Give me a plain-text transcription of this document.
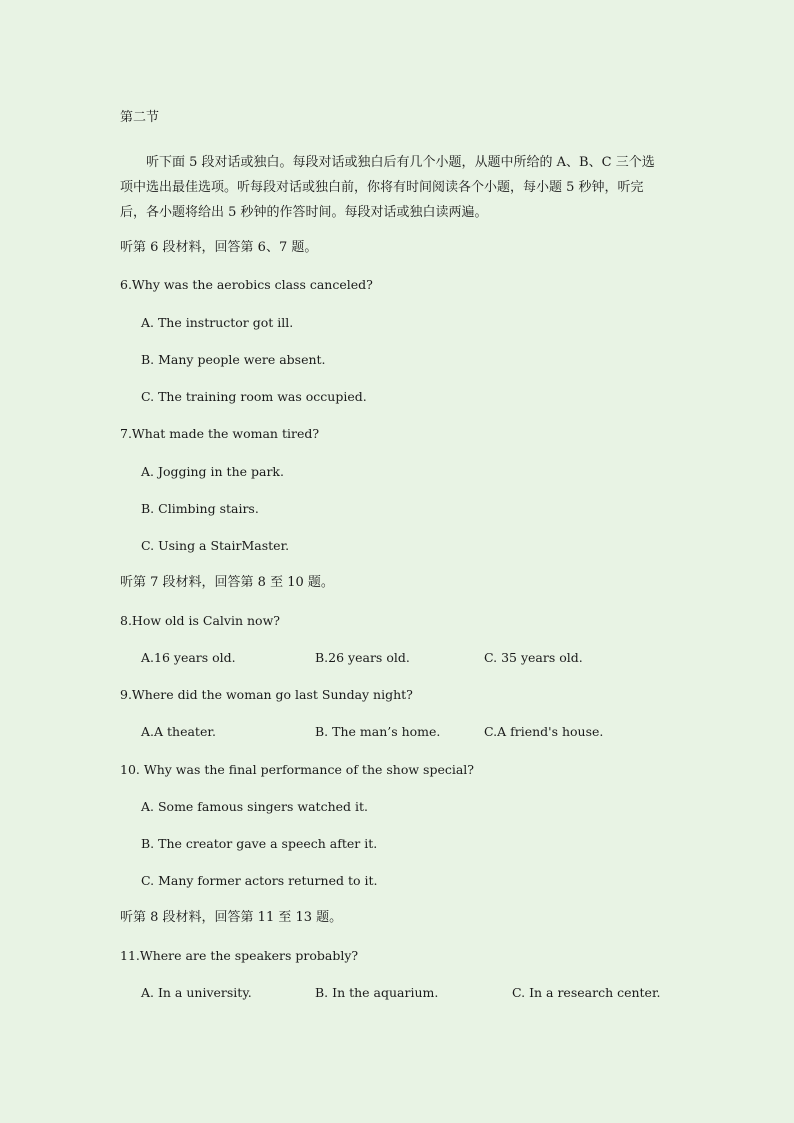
第二节
听下面 5 段对话或独白。每段对话或独白后有几个小题，从题中所给的 A、B、C 三个选项中选出最佳选项。听每段对话或独白前，你将有时间阅读各个小题，每小题 5 秒钟，听完后，各小题将给出 5 秒钟的作答时间。每段对话或独白读两遍。
听第 6 段材料，回答第 6、7 题。
6.Why was the aerobics class canceled?
A. The instructor got ill.
B. Many people were absent.
C. The training room was occupied.
7.What made the woman tired?
A. Jogging in the park.
B. Climbing stairs.
C. Using a StairMaster.
听第 7 段材料，回答第 8 至 10 题。
8.How old is Calvin now?
A.16 years old.	B.26 years old.	C. 35 years old.
9.Where did the woman go last Sunday night?
A.A theater.	B. The man’s home.	C.A friend's house.
10. Why was the final performance of the show special?
A. Some famous singers watched it.
B. The creator gave a speech after it.
C. Many former actors returned to it.
听第 8 段材料，回答第 11 至 13 题。
11.Where are the speakers probably?
A. In a university.	B. In the aquarium.	C. In a research center.
